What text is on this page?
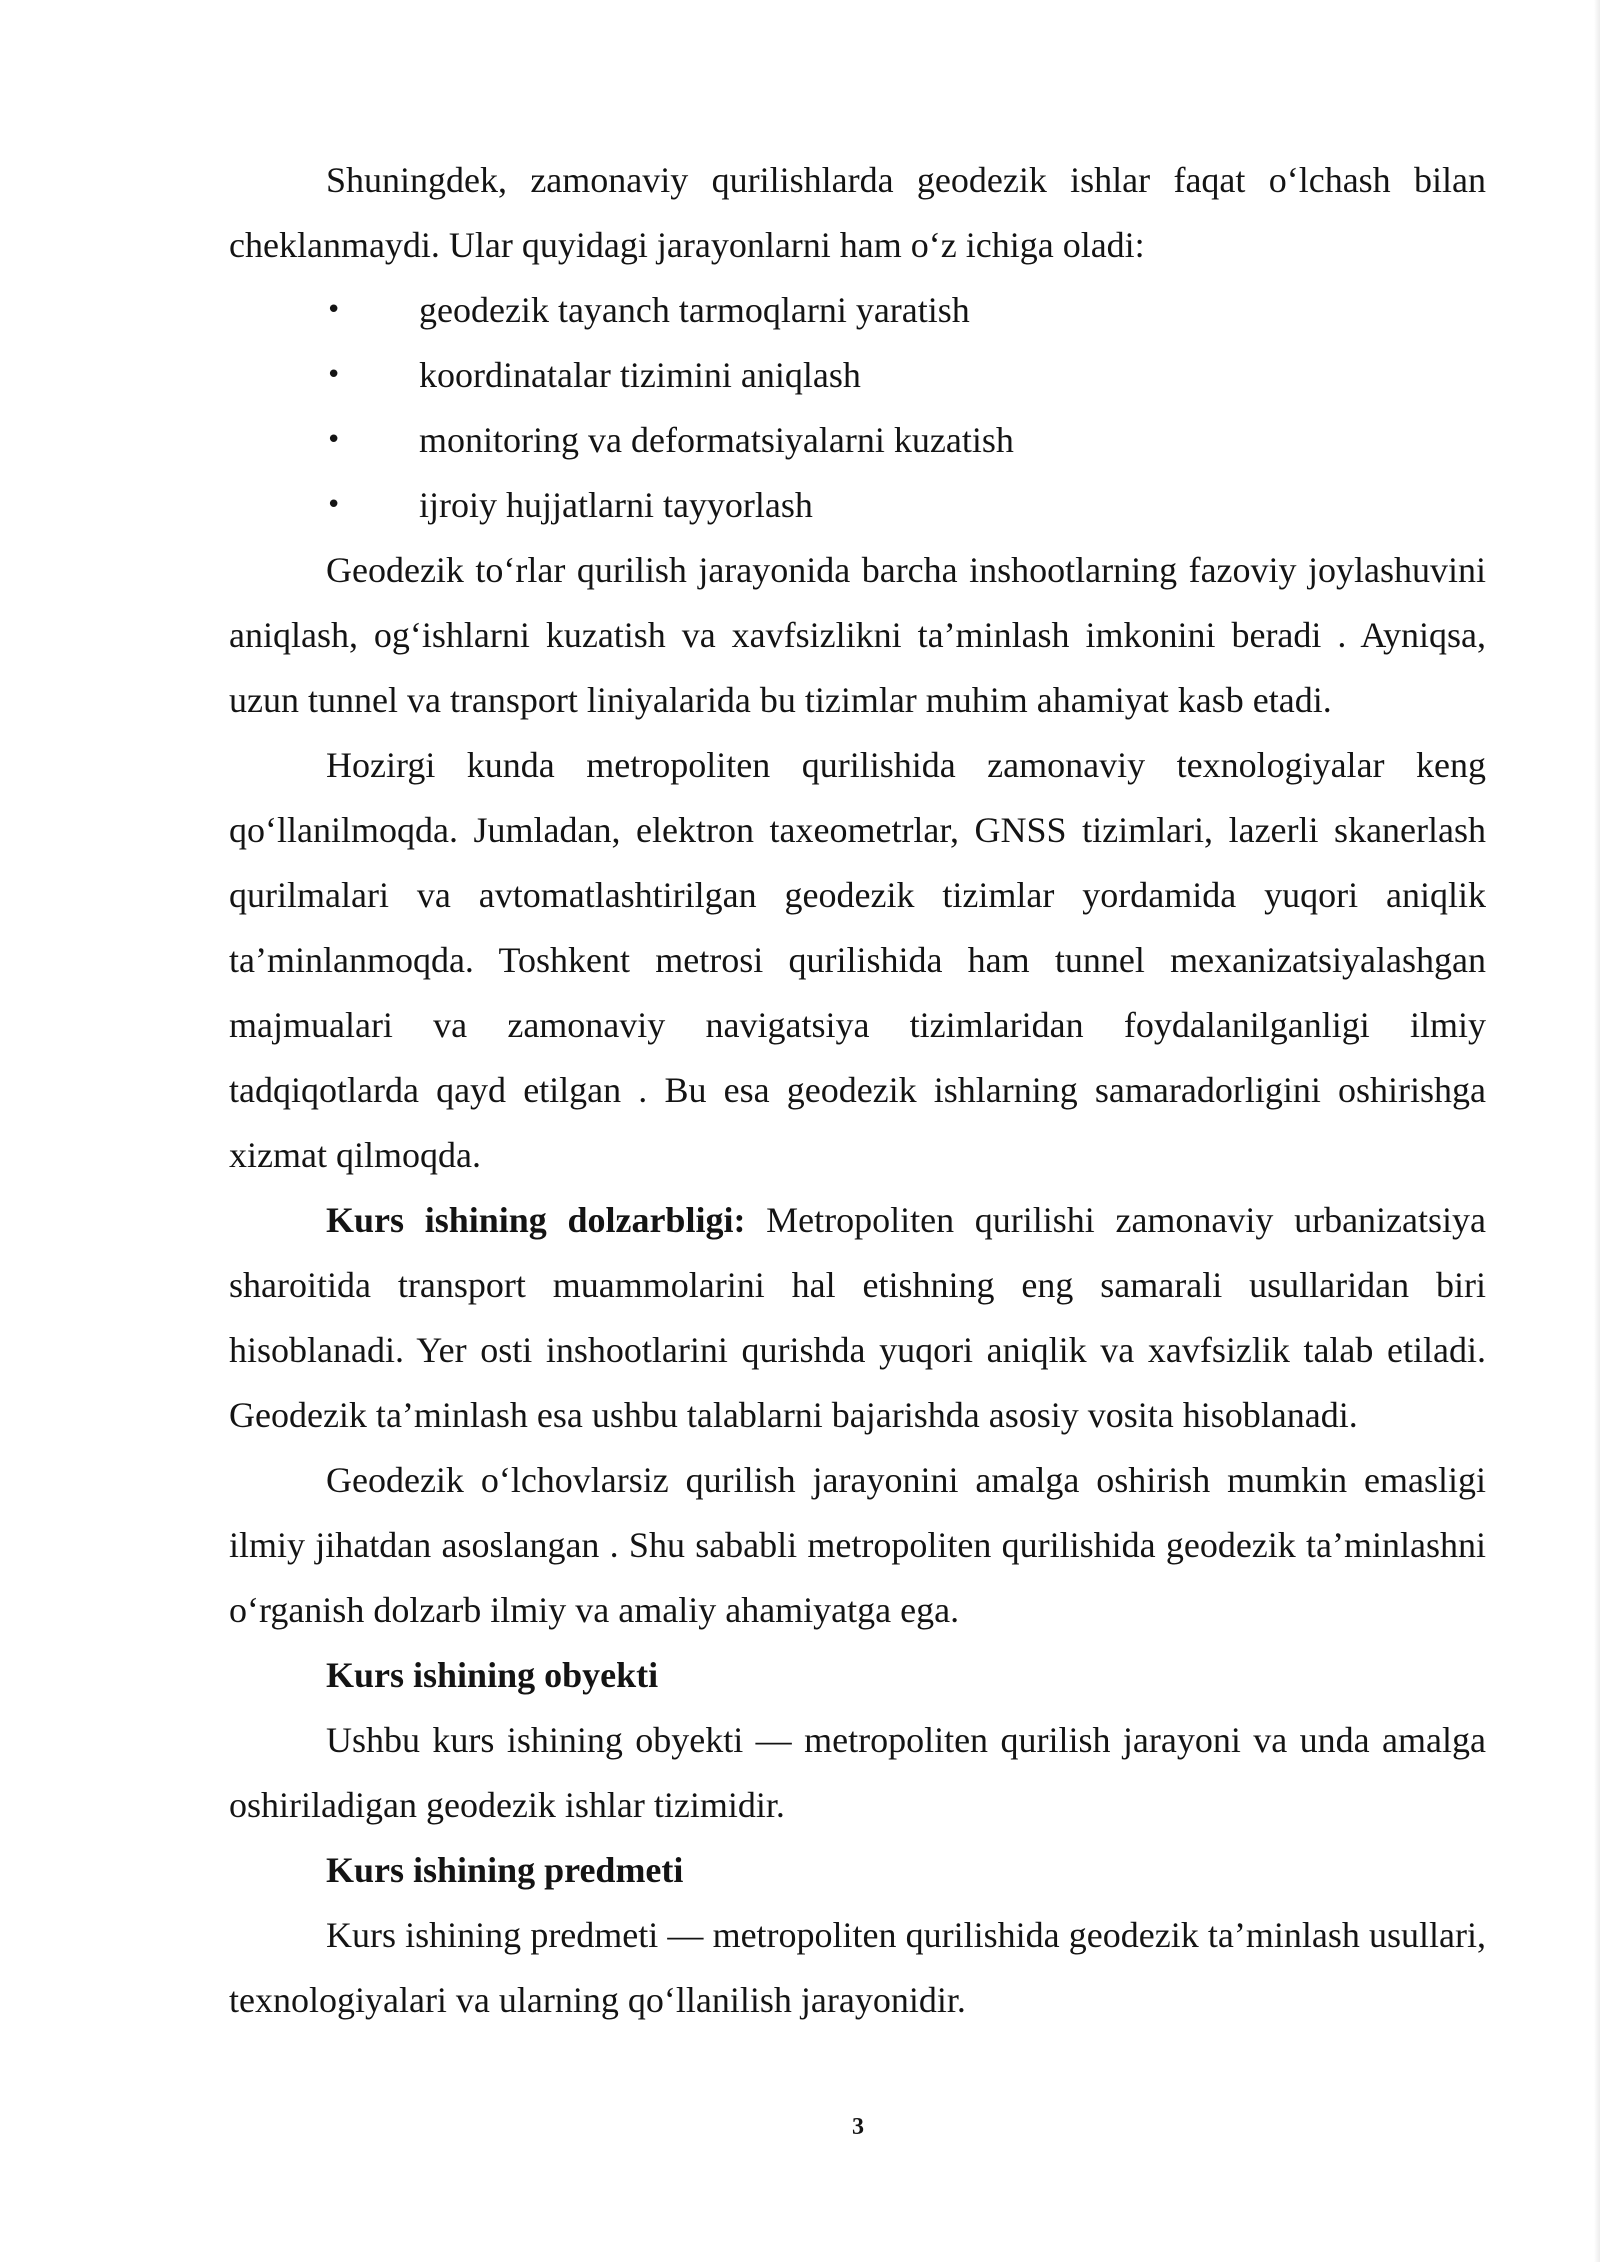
Shuningdek, zamonaviy qurilishlarda geodezik ishlar faqat o‘lchash bilan cheklanmaydi. Ular quyidagi jarayonlarni ham o‘z ichiga oladi:

• geodezik tayanch tarmoqlarni yaratish
• koordinatalar tizimini aniqlash
• monitoring va deformatsiyalarni kuzatish
• ijroiy hujjatlarni tayyorlash

Geodezik to‘rlar qurilish jarayonida barcha inshootlarning fazoviy joylashuvini aniqlash, og‘ishlarni kuzatish va xavfsizlikni ta’minlash imkonini beradi . Ayniqsa, uzun tunnel va transport liniyalarida bu tizimlar muhim ahamiyat kasb etadi.

Hozirgi kunda metropoliten qurilishida zamonaviy texnologiyalar keng qo‘llanilmoqda. Jumladan, elektron taxeometrlar, GNSS tizimlari, lazerli skanerlash qurilmalari va avtomatlashtirilgan geodezik tizimlar yordamida yuqori aniqlik ta’minlanmoqda. Toshkent metrosi qurilishida ham tunnel mexanizatsiyalashgan majmualari va zamonaviy navigatsiya tizimlaridan foydalanilganligi ilmiy tadqiqotlarda qayd etilgan . Bu esa geodezik ishlarning samaradorligini oshirishga xizmat qilmoqda.

Kurs ishining dolzarbligi: Metropoliten qurilishi zamonaviy urbanizatsiya sharoitida transport muammolarini hal etishning eng samarali usullaridan biri hisoblanadi. Yer osti inshootlarini qurishda yuqori aniqlik va xavfsizlik talab etiladi. Geodezik ta’minlash esa ushbu talablarni bajarishda asosiy vosita hisoblanadi.

Geodezik o‘lchovlarsiz qurilish jarayonini amalga oshirish mumkin emasligi ilmiy jihatdan asoslangan . Shu sababli metropoliten qurilishida geodezik ta’minlashni o‘rganish dolzarb ilmiy va amaliy ahamiyatga ega.

Kurs ishining obyekti

Ushbu kurs ishining obyekti — metropoliten qurilish jarayoni va unda amalga oshiriladigan geodezik ishlar tizimidir.

Kurs ishining predmeti

Kurs ishining predmeti — metropoliten qurilishida geodezik ta’minlash usullari, texnologiyalari va ularning qo‘llanilish jarayonidir.

3
